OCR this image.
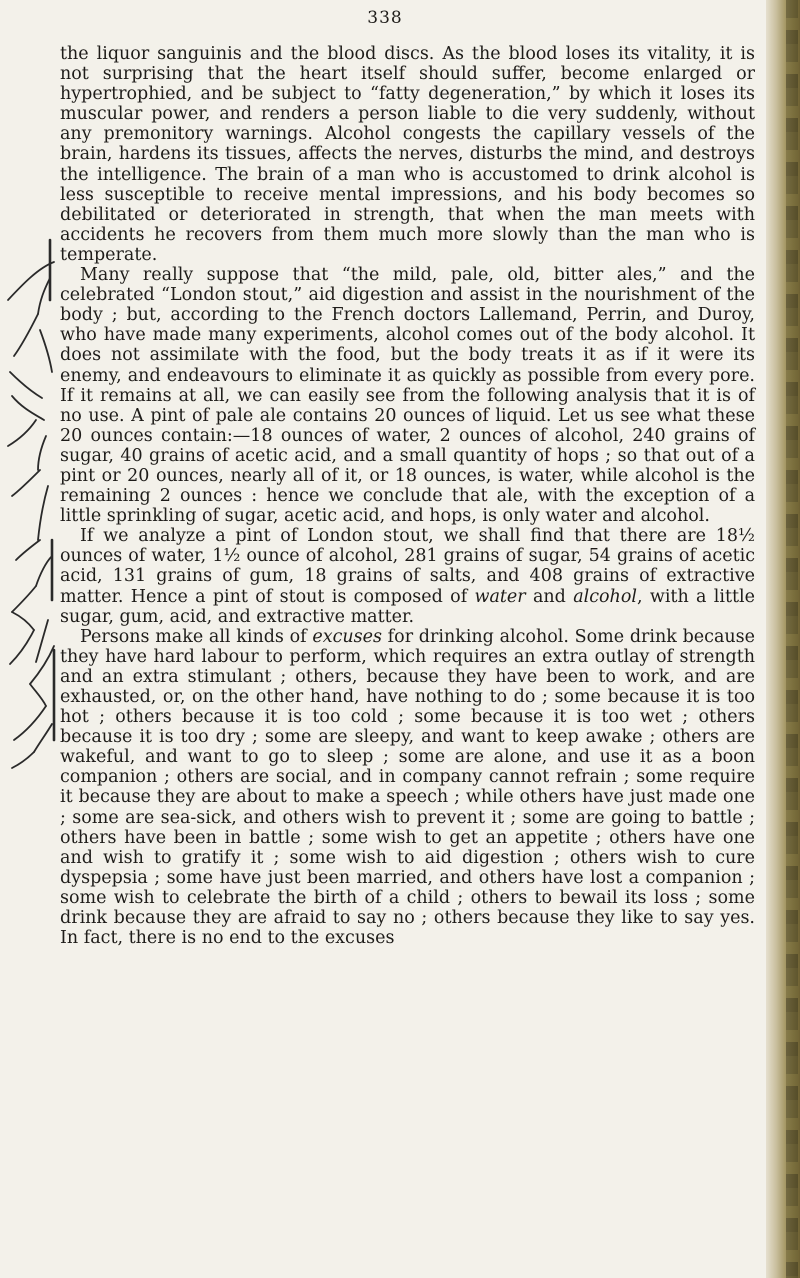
338

the liquor sanguinis and the blood discs. As the blood loses its vitality, it is not surprising that the heart itself should suffer, become enlarged or hypertrophied, and be subject to “fatty degeneration,” by which it loses its muscular power, and renders a person liable to die very suddenly, without any premonitory warnings. Alcohol congests the capillary vessels of the brain, hardens its tissues, affects the nerves, disturbs the mind, and destroys the intelligence. The brain of a man who is accustomed to drink alcohol is less susceptible to receive mental impressions, and his body becomes so debilitated or deteriorated in strength, that when the man meets with accidents he recovers from them much more slowly than the man who is temperate.

Many really suppose that “the mild, pale, old, bitter ales,” and the celebrated “London stout,” aid digestion and assist in the nourishment of the body ; but, according to the French doctors Lallemand, Perrin, and Duroy, who have made many experiments, alcohol comes out of the body alcohol. It does not assimilate with the food, but the body treats it as if it were its enemy, and endeavours to eliminate it as quickly as possible from every pore. If it remains at all, we can easily see from the following analysis that it is of no use. A pint of pale ale contains 20 ounces of liquid. Let us see what these 20 ounces contain:—18 ounces of water, 2 ounces of alcohol, 240 grains of sugar, 40 grains of acetic acid, and a small quantity of hops ; so that out of a pint or 20 ounces, nearly all of it, or 18 ounces, is water, while alcohol is the remaining 2 ounces : hence we conclude that ale, with the exception of a little sprinkling of sugar, acetic acid, and hops, is only water and alcohol.

If we analyze a pint of London stout, we shall find that there are 18½ ounces of water, 1½ ounce of alcohol, 281 grains of sugar, 54 grains of acetic acid, 131 grains of gum, 18 grains of salts, and 408 grains of extractive matter. Hence a pint of stout is composed of water and alcohol, with a little sugar, gum, acid, and extractive matter.

Persons make all kinds of excuses for drinking alcohol. Some drink because they have hard labour to perform, which requires an extra outlay of strength and an extra stimulant ; others, because they have been to work, and are exhausted, or, on the other hand, have nothing to do ; some because it is too hot ; others because it is too cold ; some because it is too wet ; others because it is too dry ; some are sleepy, and want to keep awake ; others are wakeful, and want to go to sleep ; some are alone, and use it as a boon companion ; others are social, and in company cannot refrain ; some require it because they are about to make a speech ; while others have just made one ; some are sea-sick, and others wish to prevent it ; some are going to battle ; others have been in battle ; some wish to get an appetite ; others have one and wish to gratify it ; some wish to aid digestion ; others wish to cure dyspepsia ; some have just been married, and others have lost a companion ; some wish to celebrate the birth of a child ; others to bewail its loss ; some drink because they are afraid to say no ; others because they like to say yes. In fact, there is no end to the excuses
